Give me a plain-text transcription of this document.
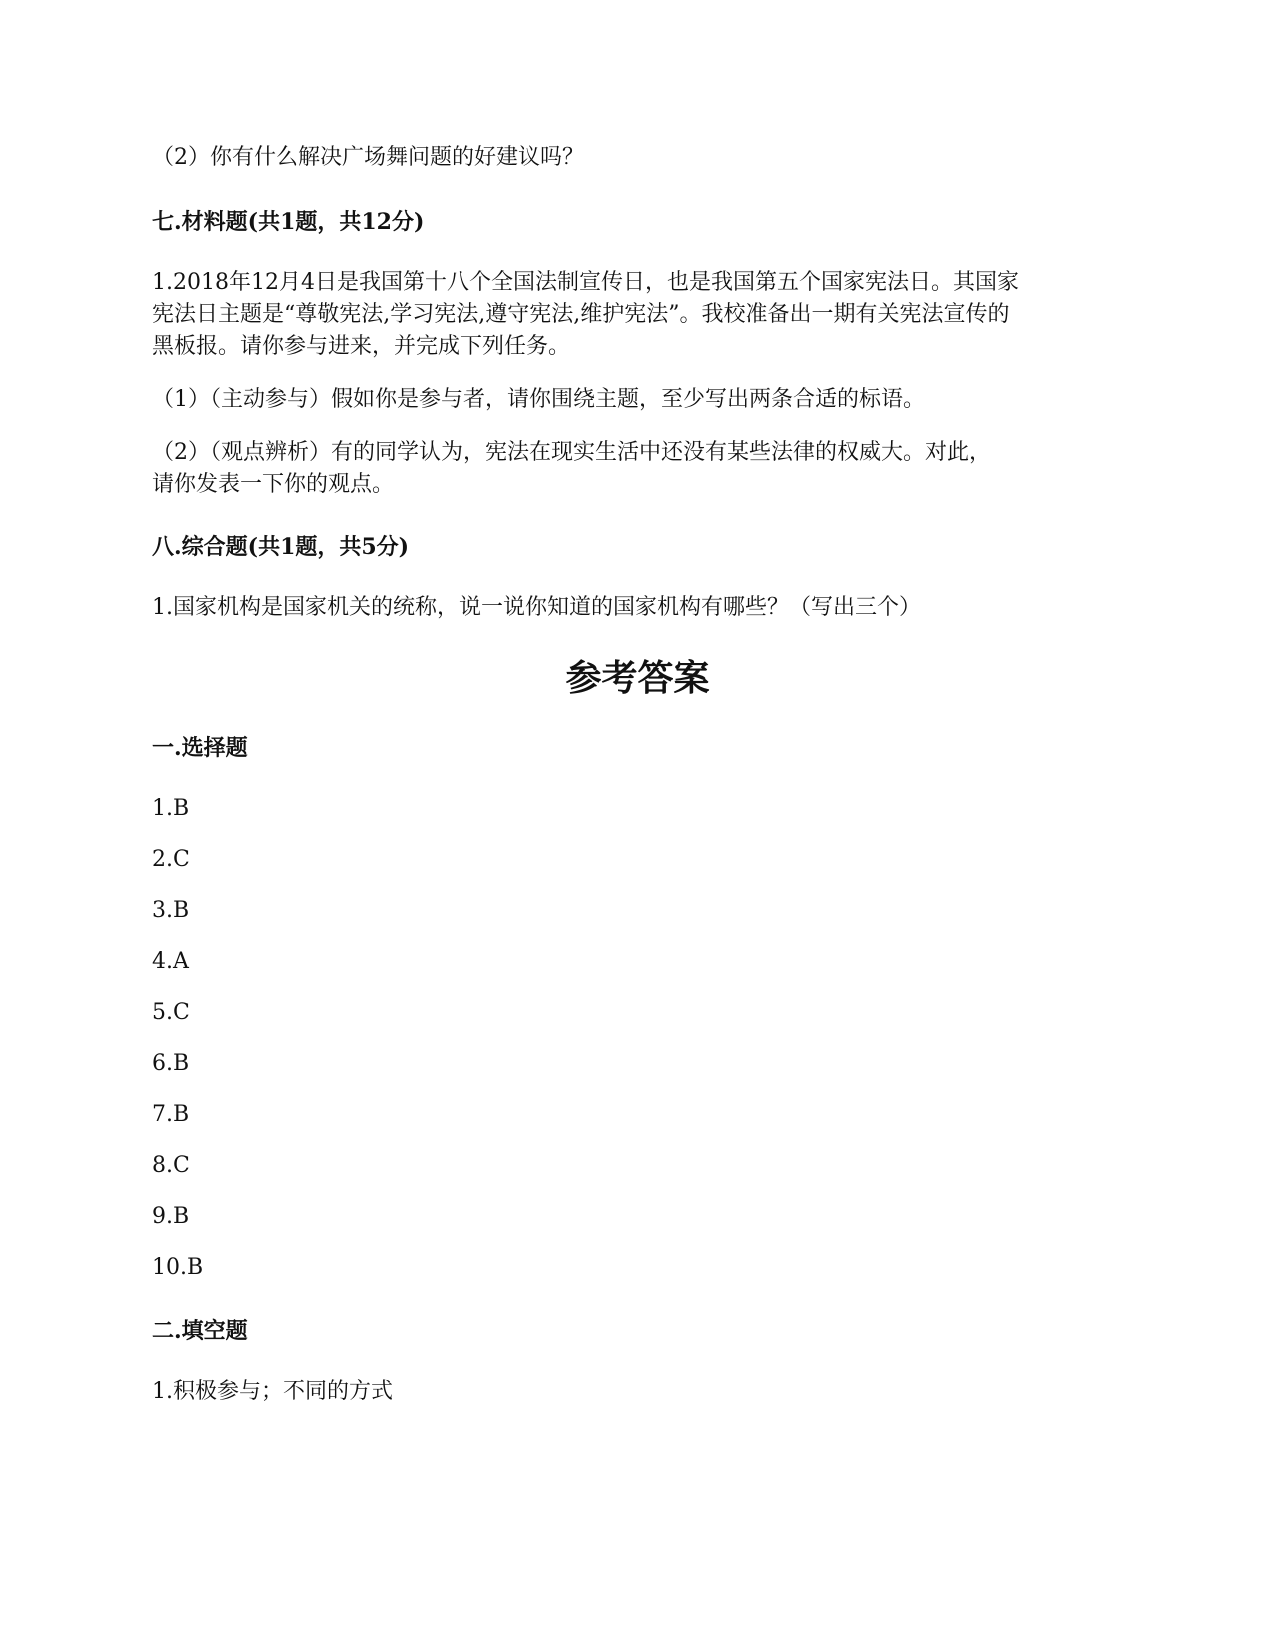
（2）你有什么解决广场舞问题的好建议吗？

七.材料题(共1题，共12分)

1.2018年12月4日是我国第十八个全国法制宣传日，也是我国第五个国家宪法日。其国家

宪法日主题是“尊敬宪法,学习宪法,遵守宪法,维护宪法”。我校准备出一期有关宪法宣传的

黑板报。请你参与进来，并完成下列任务。

（1）（主动参与）假如你是参与者，请你围绕主题，至少写出两条合适的标语。

（2）（观点辨析）有的同学认为，宪法在现实生活中还没有某些法律的权威大。对此，

请你发表一下你的观点。

八.综合题(共1题，共5分)

1.国家机构是国家机关的统称，说一说你知道的国家机构有哪些？（写出三个）

参考答案

一.选择题

1.B

2.C

3.B

4.A

5.C

6.B

7.B

8.C

9.B

10.B

二.填空题

1.积极参与；不同的方式
